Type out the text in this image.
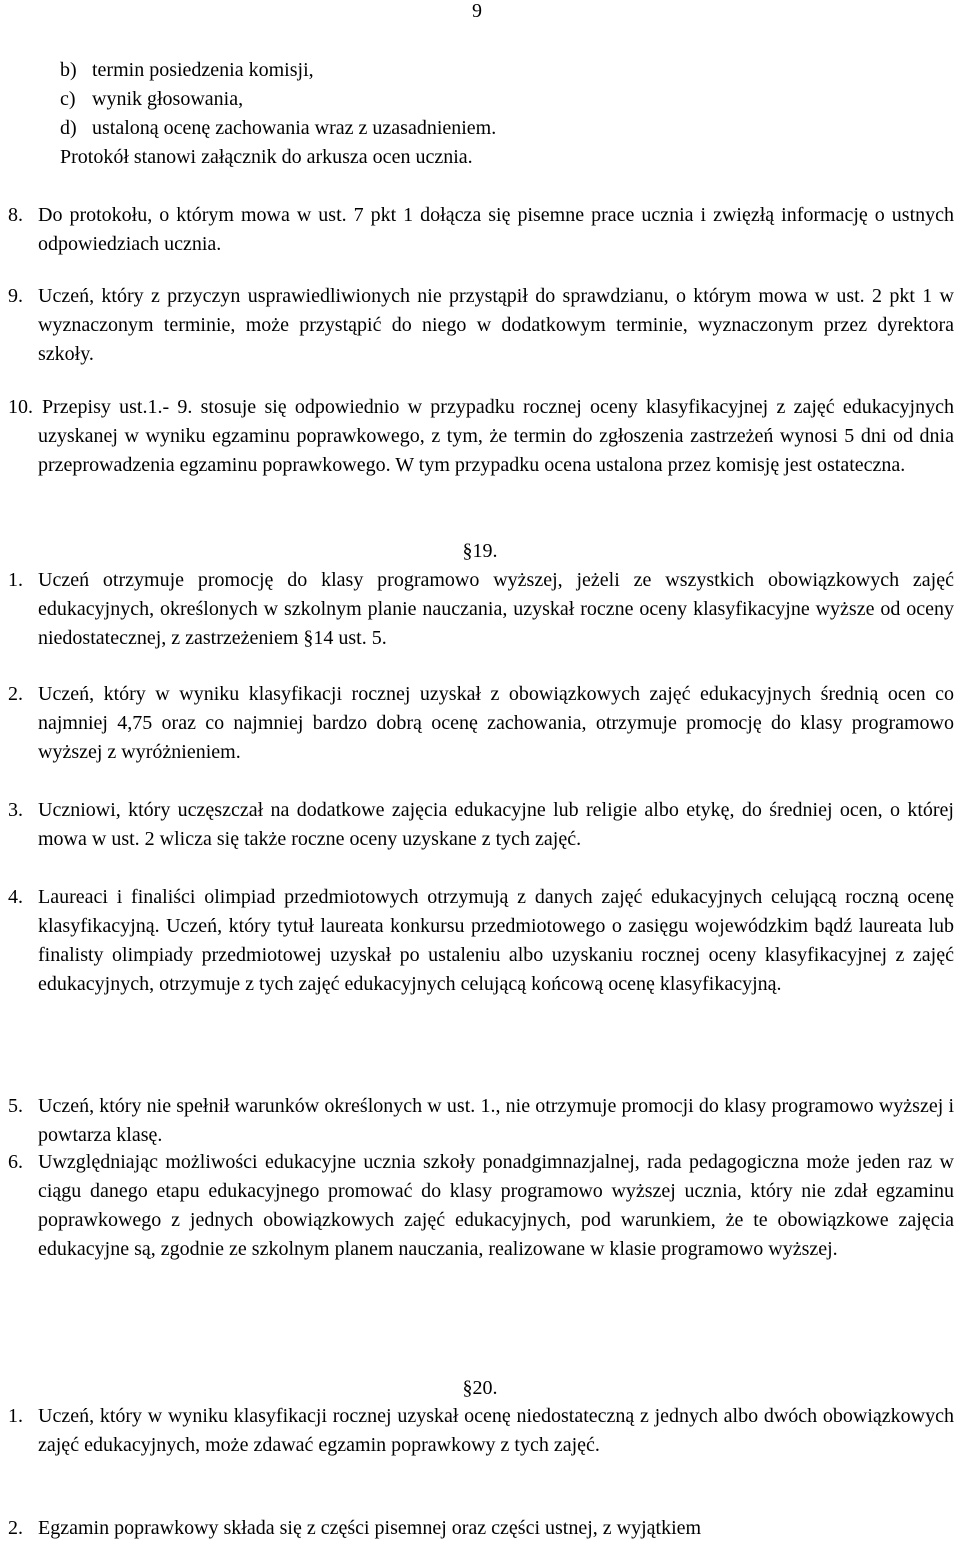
9
b) termin posiedzenia komisji,
c) wynik głosowania,
d) ustaloną ocenę zachowania wraz z uzasadnieniem.
Protokół stanowi załącznik do arkusza ocen ucznia.
8. Do protokołu, o którym mowa w ust. 7 pkt 1 dołącza się pisemne prace ucznia i zwięzłą informację o ustnych odpowiedziach ucznia.
9. Uczeń, który z przyczyn usprawiedliwionych nie przystąpił do sprawdzianu, o którym mowa w ust. 2 pkt 1 w wyznaczonym terminie, może przystąpić do niego w dodatkowym terminie, wyznaczonym przez dyrektora szkoły.
10. Przepisy ust.1.- 9. stosuje się odpowiednio w przypadku rocznej oceny klasyfikacyjnej z zajęć edukacyjnych uzyskanej w wyniku egzaminu poprawkowego, z tym, że termin do zgłoszenia zastrzeżeń wynosi 5 dni od dnia przeprowadzenia egzaminu poprawkowego. W tym przypadku ocena ustalona przez komisję jest ostateczna.
§19.
1. Uczeń otrzymuje promocję do klasy programowo wyższej, jeżeli ze wszystkich obowiązkowych zajęć edukacyjnych, określonych w szkolnym planie nauczania, uzyskał roczne oceny klasyfikacyjne wyższe od oceny niedostatecznej, z zastrzeżeniem §14 ust. 5.
2. Uczeń, który w wyniku klasyfikacji rocznej uzyskał z obowiązkowych zajęć edukacyjnych średnią ocen co najmniej 4,75 oraz co najmniej bardzo dobrą ocenę zachowania, otrzymuje promocję do klasy programowo wyższej z wyróżnieniem.
3. Uczniowi, który uczęszczał na dodatkowe zajęcia edukacyjne lub religie albo etykę, do średniej ocen, o której mowa w ust. 2 wlicza się także roczne oceny uzyskane z tych zajęć.
4. Laureaci i finaliści olimpiad przedmiotowych otrzymują z danych zajęć edukacyjnych celującą roczną ocenę klasyfikacyjną. Uczeń, który tytuł laureata konkursu przedmiotowego o zasięgu wojewódzkim bądź laureata lub finalisty olimpiady przedmiotowej uzyskał po ustaleniu albo uzyskaniu rocznej oceny klasyfikacyjnej z zajęć edukacyjnych, otrzymuje z tych zajęć edukacyjnych celującą końcową ocenę klasyfikacyjną.
5. Uczeń, który nie spełnił warunków określonych w ust. 1., nie otrzymuje promocji do klasy programowo wyższej i powtarza klasę.
6. Uwzględniając możliwości edukacyjne ucznia szkoły ponadgimnazjalnej, rada pedagogiczna może jeden raz w ciągu danego etapu edukacyjnego promować do klasy programowo wyższej ucznia, który nie zdał egzaminu poprawkowego z jednych obowiązkowych zajęć edukacyjnych, pod warunkiem, że te obowiązkowe zajęcia edukacyjne są, zgodnie ze szkolnym planem nauczania, realizowane w klasie programowo wyższej.
§20.
1. Uczeń, który w wyniku klasyfikacji rocznej uzyskał ocenę niedostateczną z jednych albo dwóch obowiązkowych zajęć edukacyjnych, może zdawać egzamin poprawkowy z tych zajęć.
2. Egzamin poprawkowy składa się z części pisemnej oraz części ustnej, z wyjątkiem
